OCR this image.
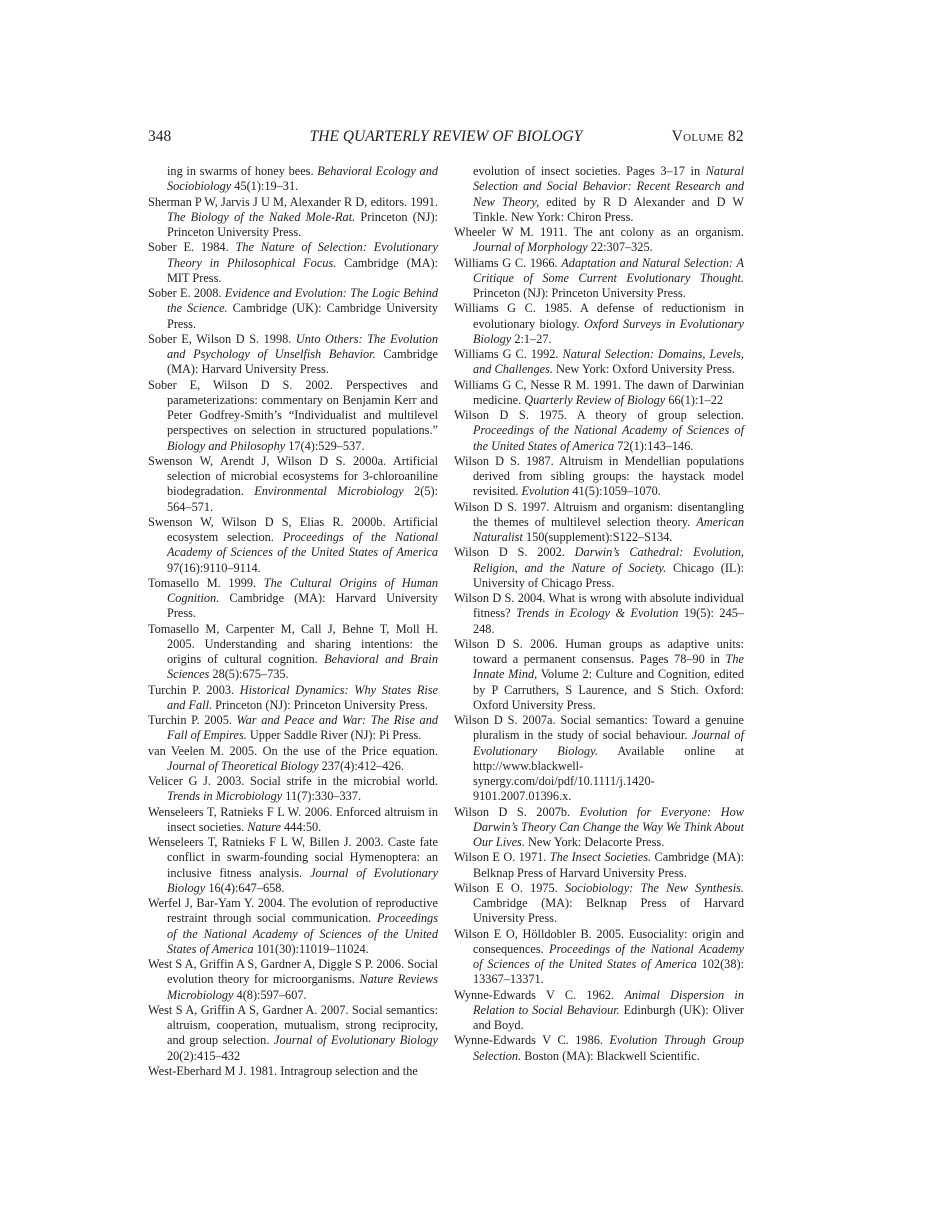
348	THE QUARTERLY REVIEW OF BIOLOGY	Volume 82

ing in swarms of honey bees. Behavioral Ecology and Sociobiology 45(1):19–31.

Sherman P W, Jarvis J U M, Alexander R D, editors. 1991. The Biology of the Naked Mole-Rat. Princeton (NJ): Princeton University Press.

Sober E. 1984. The Nature of Selection: Evolutionary Theory in Philosophical Focus. Cambridge (MA): MIT Press.

Sober E. 2008. Evidence and Evolution: The Logic Behind the Science. Cambridge (UK): Cambridge University Press.

Sober E, Wilson D S. 1998. Unto Others: The Evolution and Psychology of Unselfish Behavior. Cambridge (MA): Harvard University Press.

Sober E, Wilson D S. 2002. Perspectives and parameterizations: commentary on Benjamin Kerr and Peter Godfrey-Smith’s “Individualist and multilevel perspectives on selection in structured populations.” Biology and Philosophy 17(4):529–537.

Swenson W, Arendt J, Wilson D S. 2000a. Artificial selection of microbial ecosystems for 3-chloroaniline biodegradation. Environmental Microbiology 2(5): 564–571.

Swenson W, Wilson D S, Elias R. 2000b. Artificial ecosystem selection. Proceedings of the National Academy of Sciences of the United States of America 97(16):9110–9114.

Tomasello M. 1999. The Cultural Origins of Human Cognition. Cambridge (MA): Harvard University Press.

Tomasello M, Carpenter M, Call J, Behne T, Moll H. 2005. Understanding and sharing intentions: the origins of cultural cognition. Behavioral and Brain Sciences 28(5):675–735.

Turchin P. 2003. Historical Dynamics: Why States Rise and Fall. Princeton (NJ): Princeton University Press.

Turchin P. 2005. War and Peace and War: The Rise and Fall of Empires. Upper Saddle River (NJ): Pi Press.

van Veelen M. 2005. On the use of the Price equation. Journal of Theoretical Biology 237(4):412–426.

Velicer G J. 2003. Social strife in the microbial world. Trends in Microbiology 11(7):330–337.

Wenseleers T, Ratnieks F L W. 2006. Enforced altruism in insect societies. Nature 444:50.

Wenseleers T, Ratnieks F L W, Billen J. 2003. Caste fate conflict in swarm-founding social Hymenoptera: an inclusive fitness analysis. Journal of Evolutionary Biology 16(4):647–658.

Werfel J, Bar-Yam Y. 2004. The evolution of reproductive restraint through social communication. Proceedings of the National Academy of Sciences of the United States of America 101(30):11019–11024.

West S A, Griffin A S, Gardner A, Diggle S P. 2006. Social evolution theory for microorganisms. Nature Reviews Microbiology 4(8):597–607.

West S A, Griffin A S, Gardner A. 2007. Social semantics: altruism, cooperation, mutualism, strong reciprocity, and group selection. Journal of Evolutionary Biology 20(2):415–432

West-Eberhard M J. 1981. Intragroup selection and the

evolution of insect societies. Pages 3–17 in Natural Selection and Social Behavior: Recent Research and New Theory, edited by R D Alexander and D W Tinkle. New York: Chiron Press.

Wheeler W M. 1911. The ant colony as an organism. Journal of Morphology 22:307–325.

Williams G C. 1966. Adaptation and Natural Selection: A Critique of Some Current Evolutionary Thought. Princeton (NJ): Princeton University Press.

Williams G C. 1985. A defense of reductionism in evolutionary biology. Oxford Surveys in Evolutionary Biology 2:1–27.

Williams G C. 1992. Natural Selection: Domains, Levels, and Challenges. New York: Oxford University Press.

Williams G C, Nesse R M. 1991. The dawn of Darwinian medicine. Quarterly Review of Biology 66(1):1–22

Wilson D S. 1975. A theory of group selection. Proceedings of the National Academy of Sciences of the United States of America 72(1):143–146.

Wilson D S. 1987. Altruism in Mendellian populations derived from sibling groups: the haystack model revisited. Evolution 41(5):1059–1070.

Wilson D S. 1997. Altruism and organism: disentangling the themes of multilevel selection theory. American Naturalist 150(supplement):S122–S134.

Wilson D S. 2002. Darwin’s Cathedral: Evolution, Religion, and the Nature of Society. Chicago (IL): University of Chicago Press.

Wilson D S. 2004. What is wrong with absolute individual fitness? Trends in Ecology & Evolution 19(5): 245–248.

Wilson D S. 2006. Human groups as adaptive units: toward a permanent consensus. Pages 78–90 in The Innate Mind, Volume 2: Culture and Cognition, edited by P Carruthers, S Laurence, and S Stich. Oxford: Oxford University Press.

Wilson D S. 2007a. Social semantics: Toward a genuine pluralism in the study of social behaviour. Journal of Evolutionary Biology. Available online at http://www.blackwell-synergy.com/doi/pdf/10.1111/j.1420-9101.2007.01396.x.

Wilson D S. 2007b. Evolution for Everyone: How Darwin’s Theory Can Change the Way We Think About Our Lives. New York: Delacorte Press.

Wilson E O. 1971. The Insect Societies. Cambridge (MA): Belknap Press of Harvard University Press.

Wilson E O. 1975. Sociobiology: The New Synthesis. Cambridge (MA): Belknap Press of Harvard University Press.

Wilson E O, Hölldobler B. 2005. Eusociality: origin and consequences. Proceedings of the National Academy of Sciences of the United States of America 102(38): 13367–13371.

Wynne-Edwards V C. 1962. Animal Dispersion in Relation to Social Behaviour. Edinburgh (UK): Oliver and Boyd.

Wynne-Edwards V C. 1986. Evolution Through Group Selection. Boston (MA): Blackwell Scientific.
